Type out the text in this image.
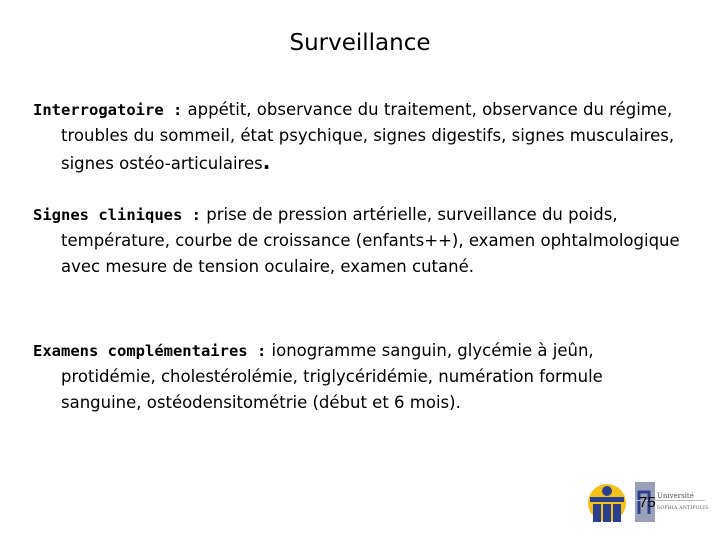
Surveillance
Interrogatoire : appétit, observance du traitement, observance du régime, troubles du sommeil, état psychique, signes digestifs, signes musculaires, signes ostéo-articulaires.
Signes cliniques : prise de pression artérielle, surveillance du poids, température, courbe de croissance (enfants++), examen ophtalmologique avec mesure de tension oculaire, examen cutané.
Examens complémentaires : ionogramme sanguin, glycémie à jeûn, protidémie, cholestérolémie, triglycéridémie, numération formule sanguine, ostéodensitométrie (début et 6 mois).
Université
SOPHIA ANTIPOLIS
75
